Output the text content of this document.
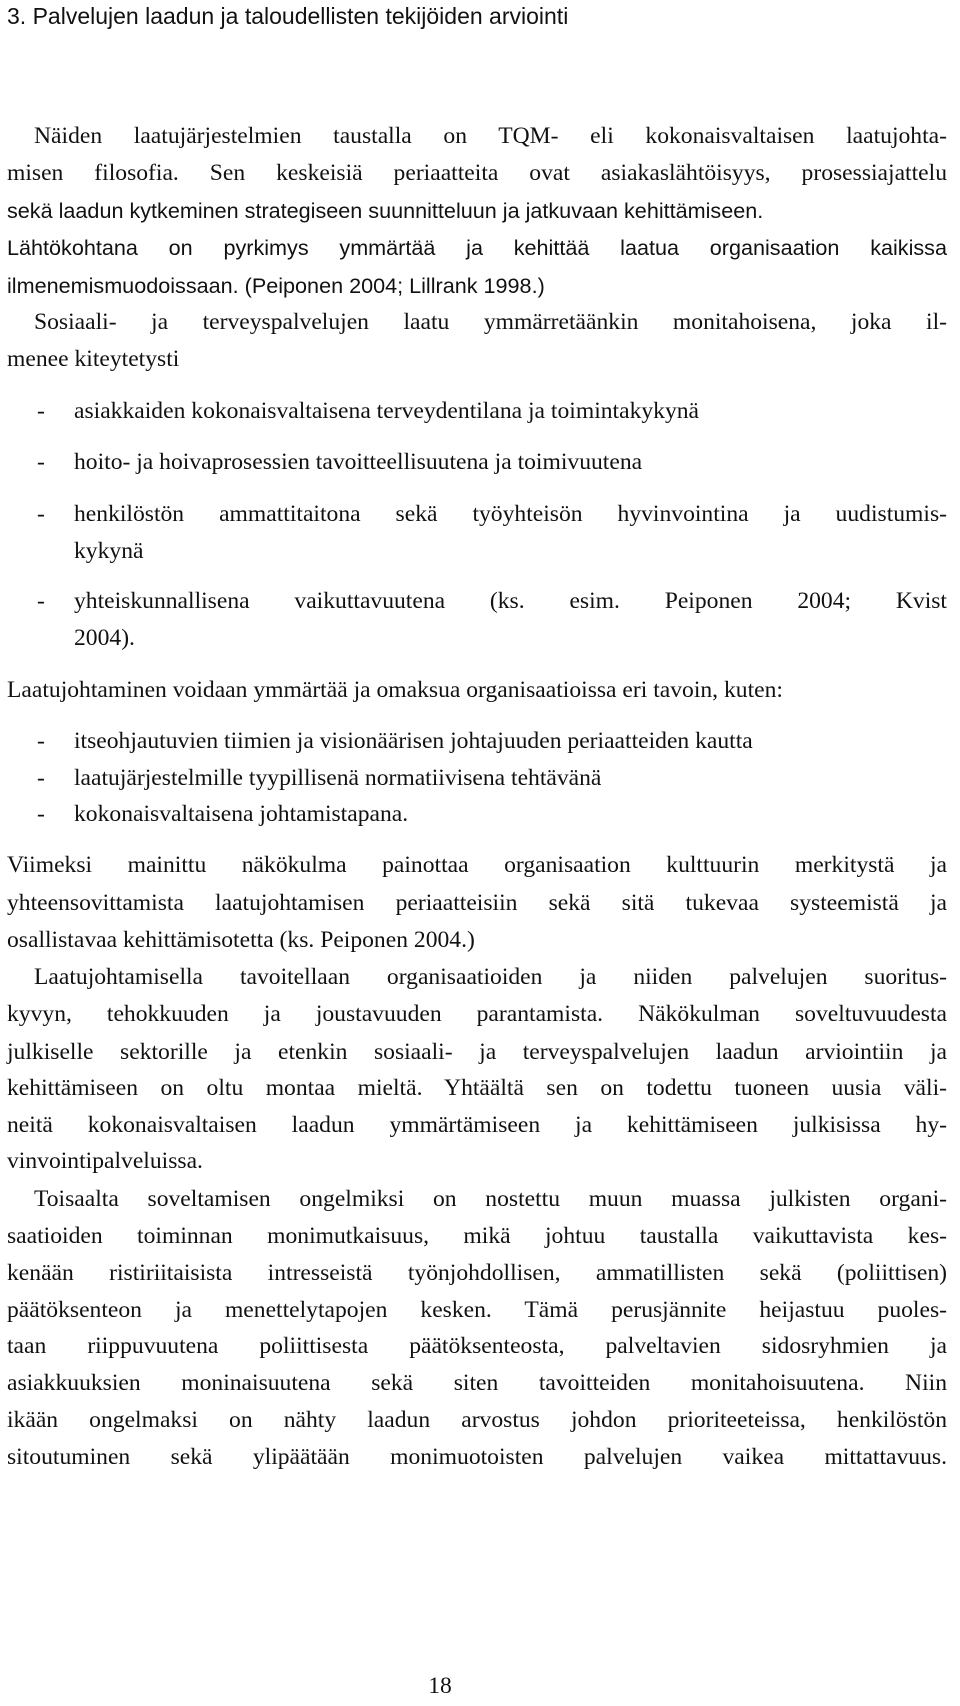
3. Palvelujen laadun ja taloudellisten tekijöiden arviointi

Näiden laatujärjestelmien taustalla on TQM- eli kokonaisvaltaisen laatujohta-

misen filosofia. Sen keskeisiä periaatteita ovat asiakaslähtöisyys, prosessiajattelu

sekä laadun kytkeminen strategiseen suunnitteluun ja jatkuvaan kehittämiseen.

Lähtökohtana on pyrkimys ymmärtää ja kehittää laatua organisaation kaikissa

ilmenemismuodoissaan. (Peiponen 2004; Lillrank 1998.)

Sosiaali- ja terveyspalvelujen laatu ymmärretäänkin monitahoisena, joka il-

menee kiteytetysti

- asiakkaiden kokonaisvaltaisena terveydentilana ja toimintakykynä

- hoito- ja hoivaprosessien tavoitteellisuutena ja toimivuutena

- henkilöstön ammattitaitona sekä työyhteisön hyvinvointina ja uudistumis-

kykynä

- yhteiskunnallisena vaikuttavuutena (ks. esim. Peiponen 2004; Kvist

2004).

Laatujohtaminen voidaan ymmärtää ja omaksua organisaatioissa eri tavoin, kuten:

- itseohjautuvien tiimien ja visionäärisen johtajuuden periaatteiden kautta

- laatujärjestelmille tyypillisenä normatiivisena tehtävänä

- kokonaisvaltaisena johtamistapana.

Viimeksi mainittu näkökulma painottaa organisaation kulttuurin merkitystä ja

yhteensovittamista laatujohtamisen periaatteisiin sekä sitä tukevaa systeemistä ja

osallistavaa kehittämisotetta (ks. Peiponen 2004.)

Laatujohtamisella tavoitellaan organisaatioiden ja niiden palvelujen suoritus-

kyvyn, tehokkuuden ja joustavuuden parantamista. Näkökulman soveltuvuudesta

julkiselle sektorille ja etenkin sosiaali- ja terveyspalvelujen laadun arviointiin ja

kehittämiseen on oltu montaa mieltä. Yhtäältä sen on todettu tuoneen uusia väli-

neitä kokonaisvaltaisen laadun ymmärtämiseen ja kehittämiseen julkisissa hy-

vinvointipalveluissa.

Toisaalta soveltamisen ongelmiksi on nostettu muun muassa julkisten organi-

saatioiden toiminnan monimutkaisuus, mikä johtuu taustalla vaikuttavista kes-

kenään ristiriitaisista intresseistä työnjohdollisen, ammatillisten sekä (poliittisen)

päätöksenteon ja menettelytapojen kesken. Tämä perusjännite heijastuu puoles-

taan riippuvuutena poliittisesta päätöksenteosta, palveltavien sidosryhmien ja

asiakkuuksien moninaisuutena sekä siten tavoitteiden monitahoisuutena. Niin

ikään ongelmaksi on nähty laadun arvostus johdon prioriteeteissa, henkilöstön

sitoutuminen sekä ylipäätään monimuotoisten palvelujen vaikea mittattavuus.

18
